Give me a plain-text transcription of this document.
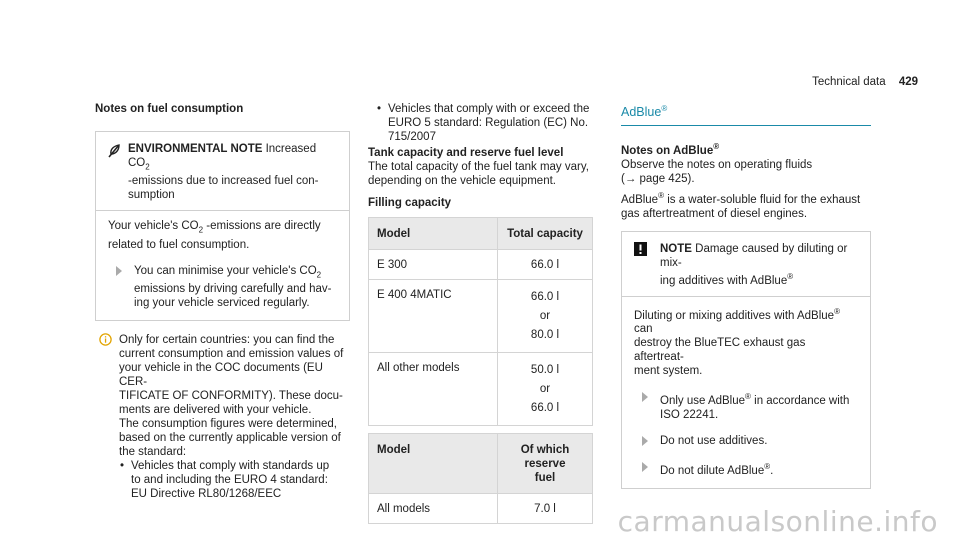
Technical data 429
Notes on fuel consumption
ENVIRONMENTAL NOTE Increased $CO_2$
-emissions due to increased fuel con-
sumption
Your vehicle's $CO_2$ -emissions are directly
related to fuel consumption.
You can minimise your vehicle's $CO_2$
emissions by driving carefully and hav-
ing your vehicle serviced regularly.
Only for certain countries: you can find the
current consumption and emission values of
your vehicle in the COC documents (EU CER-
TIFICATE OF CONFORMITY). These docu-
ments are delivered with your vehicle.
The consumption figures were determined,
based on the currently applicable version of
the standard:
• Vehicles that comply with standards up
to and including the EURO 4 standard:
EU Directive RL80/1268/EEC
• Vehicles that comply with or exceed the
EURO 5 standard: Regulation (EC) No.
715/2007
Tank capacity and reserve fuel level
The total capacity of the fuel tank may vary,
depending on the vehicle equipment.
Filling capacity
Model	Total capacity
E 300	66.0 l

E 400 4MATIC	66.0 l
or
80.0 l

All other models	50.0 l
or
66.0 l
Model	Of which reserve
fuel

All models	7.0 l
AdBlue®
Notes on AdBlue®
Observe the notes on operating fluids
(→ page 425).
AdBlue® is a water-soluble fluid for the exhaust
gas aftertreatment of diesel engines.
NOTE Damage caused by diluting or mix-
ing additives with AdBlue®
Diluting or mixing additives with AdBlue® can
destroy the BlueTEC exhaust gas aftertreat-
ment system.
Only use AdBlue® in accordance with
ISO 22241.
Do not use additives.
Do not dilute AdBlue®.
carmanualsonline.info
